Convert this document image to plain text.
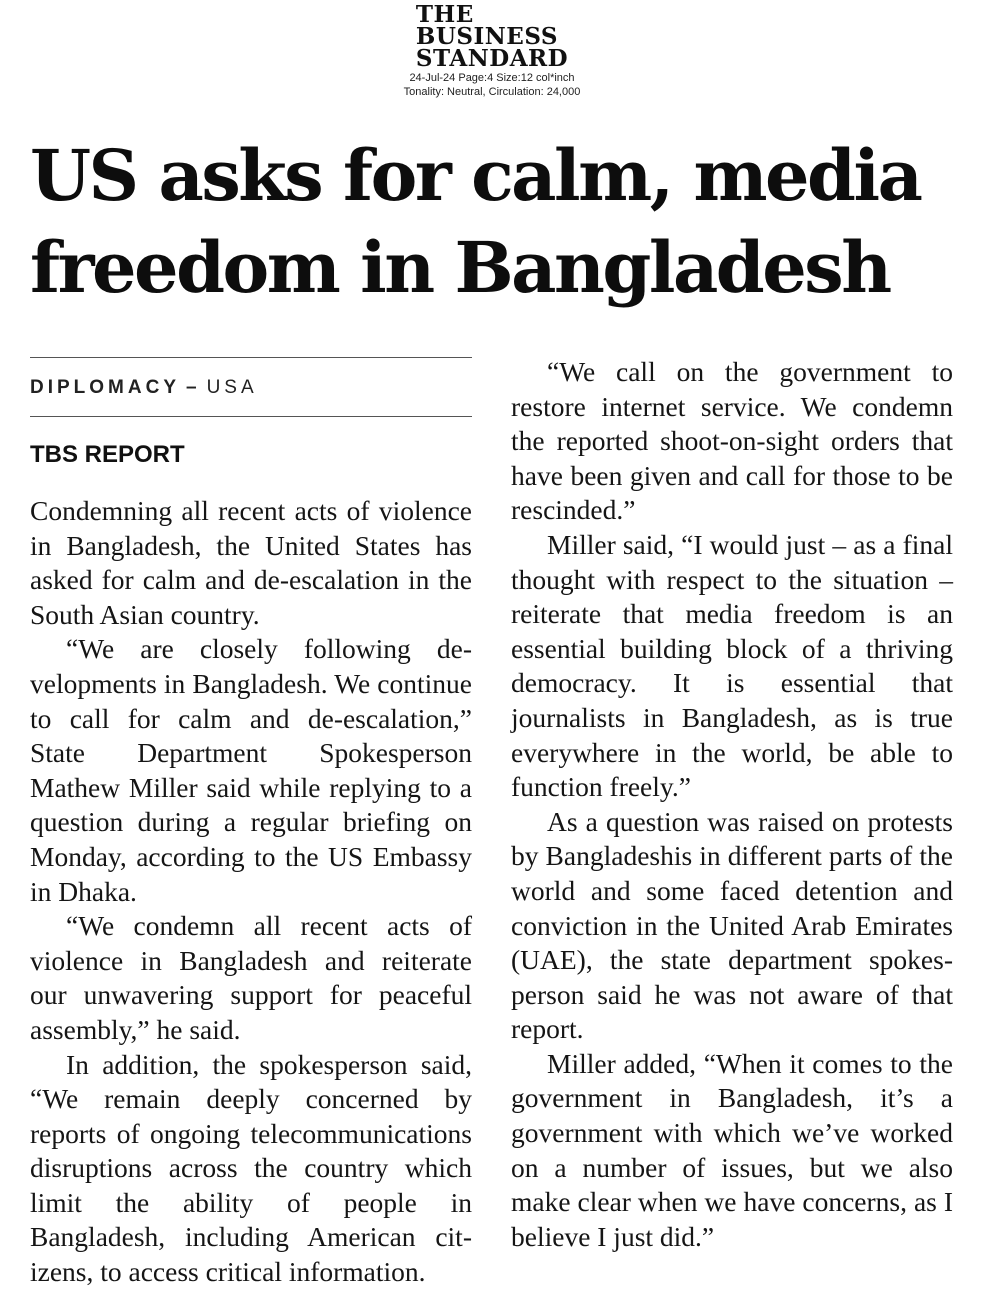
THE
BUSINESS
STANDARD
24-Jul-24 Page:4 Size:12 col*inch
Tonality: Neutral, Circulation: 24,000
US asks for calm, media freedom in Bangladesh
DIPLOMACY – USA
TBS REPORT

Condemning all recent acts of violence in Bangladesh, the United States has asked for calm and de-escalation in the South Asian country.

“We are closely following developments in Bangladesh. We continue to call for calm and de-escalation,” State Department Spokesperson Mathew Miller said while replying to a question during a regular briefing on Monday, according to the US Embassy in Dhaka.

“We condemn all recent acts of violence in Bangladesh and reiterate our unwavering support for peaceful assembly,” he said.

In addition, the spokesperson said, “We remain deeply concerned by reports of ongoing telecommunications disruptions across the country which limit the ability of people in Bangladesh, including American citizens, to access critical information.

“We call on the government to restore internet service. We condemn the reported shoot-on-sight orders that have been given and call for those to be rescinded.”

Miller said, “I would just – as a final thought with respect to the situation – reiterate that media freedom is an essential building block of a thriving democracy. It is essential that journalists in Bangladesh, as is true everywhere in the world, be able to function freely.”

As a question was raised on protests by Bangladeshis in different parts of the world and some faced detention and conviction in the United Arab Emirates (UAE), the state department spokesperson said he was not aware of that report.

Miller added, “When it comes to the government in Bangladesh, it’s a government with which we’ve worked on a number of issues, but we also make clear when we have concerns, as I believe I just did.”
